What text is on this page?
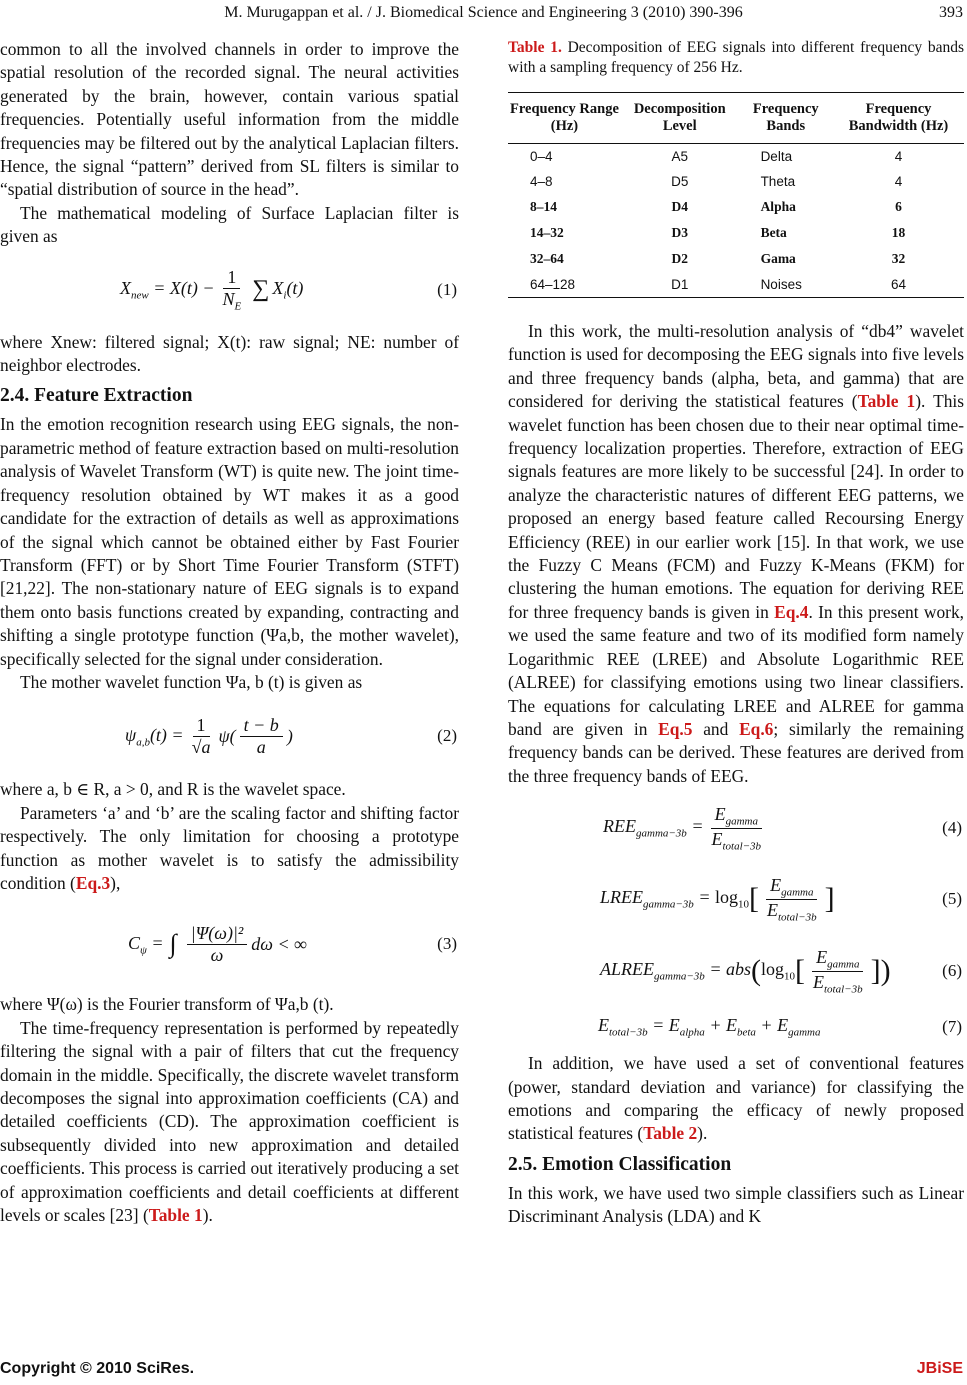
M. Murugappan et al. / J. Biomedical Science and Engineering 3 (2010) 390-396	393

common to all the involved channels in order to improve the spatial resolution of the recorded signal. The neural activities generated by the brain, however, contain various spatial frequencies. Potentially useful information from the middle frequencies may be filtered out by the analytical Laplacian filters. Hence, the signal “pattern” derived from SL filters is similar to “spatial distribution of source in the head”.

The mathematical modeling of Surface Laplacian filter is given as

$X_{new} = X(t) - \frac{1}{N_E}$ ∑ $X_i(t)$	(1)

where Xnew: filtered signal; X(t): raw signal; NE: number of neighbor electrodes.

2.4. Feature Extraction

In the emotion recognition research using EEG signals, the non-parametric method of feature extraction based on multi-resolution analysis of Wavelet Transform (WT) is quite new. The joint time-frequency resolution obtained by WT makes it as a good candidate for the extraction of details as well as approximations of the signal which cannot be obtained either by Fast Fourier Transform (FFT) or by Short Time Fourier Transform (STFT) [21,22]. The non-stationary nature of EEG signals is to expand them onto basis functions created by expanding, contracting and shifting a single prototype function (Ψa,b, the mother wavelet), specifically selected for the signal under consideration.

The mother wavelet function Ψa, b (t) is given as

$\psi_{a,b}(t) = \frac{1}{√a} \psi( \frac{t - b}{a}$ )	(2)

where a, b ∈ R, a > 0, and R is the wavelet space.

Parameters ‘a’ and ‘b’ are the scaling factor and shifting factor respectively. The only limitation for choosing a prototype function as mother wavelet is to satisfy the admissibility condition (Eq.3),

$C_\psi$ = ∫ $\frac{\text{|Ψ(ω)|²}}{\omega}$ dω < ∞	(3)

where Ψ(ω) is the Fourier transform of Ψa,b (t).

The time-frequency representation is performed by repeatedly filtering the signal with a pair of filters that cut the frequency domain in the middle. Specifically, the discrete wavelet transform decomposes the signal into approximation coefficients (CA) and detailed coefficients (CD). The approximation coefficient is subsequently divided into new approximation and detailed coefficients. This process is carried out iteratively producing a set of approximation coefficients and detail coefficients at different levels or scales [23] (Table 1).

Table 1. Decomposition of EEG signals into different frequency bands with a sampling frequency of 256 Hz.

Frequency Range (Hz)	Decomposition Level	Frequency Bands	Frequency Bandwidth (Hz)
0–4	A5	Delta	4
4–8	D5	Theta	4
8–14	D4	Alpha	6
14–32	D3	Beta	18
32–64	D2	Gama	32
64–128	D1	Noises	64

In this work, the multi-resolution analysis of “db4” wavelet function is used for decomposing the EEG signals into five levels and three frequency bands (alpha, beta, and gamma) that are considered for deriving the statistical features (Table 1). This wavelet function has been chosen due to their near optimal time-frequency localization properties. Therefore, extraction of EEG signals features are more likely to be successful [24]. In order to analyze the characteristic natures of different EEG patterns, we proposed an energy based feature called Recoursing Energy Efficiency (REE) in our earlier work [15]. In that work, we use the Fuzzy C Means (FCM) and Fuzzy K-Means (FKM) for clustering the human emotions. The equation for deriving REE for three frequency bands is given in Eq.4. In this present work, we used the same feature and two of its modified form namely Logarithmic REE (LREE) and Absolute Logarithmic REE (ALREE) for classifying emotions using two linear classifiers. The equations for calculating LREE and ALREE for gamma band are given in Eq.5 and Eq.6; similarly the remaining frequency bands can be derived. These features are derived from the three frequency bands of EEG.

$REE_{gamma-3b} = \frac{E_{gamma}}{E_{total-3b}}$	(4)
$LREE_{gamma-3b} = \log_{10}$ [ $\frac{E_{gamma}}{E_{total-3b}}$ ]	(5)
$ALREE_{gamma-3b}$ = abs ( $\log_{10}$ [ $\frac{E_{gamma}}{E_{total-3b}}$ ])	(6)
$E_{total-3b} = E_{alpha} + E_{beta} + E_{gamma}$	(7)

In addition, we have used a set of conventional features (power, standard deviation and variance) for classifying the emotions and comparing the efficacy of newly proposed statistical features (Table 2).

2.5. Emotion Classification

In this work, we have used two simple classifiers such as Linear Discriminant Analysis (LDA) and K

Copyright © 2010 SciRes.	JBiSE
